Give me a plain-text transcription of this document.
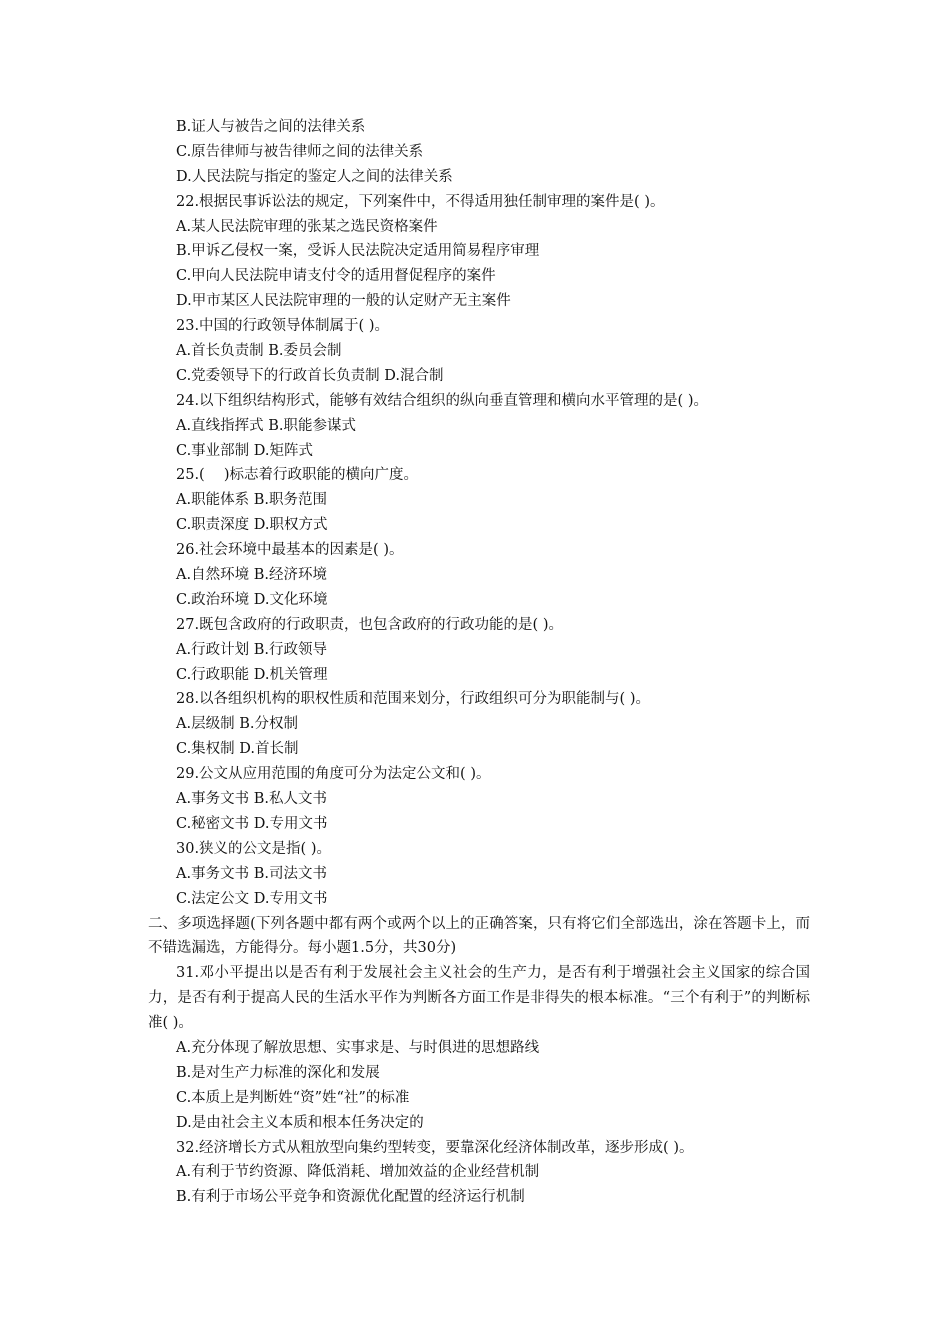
B.证人与被告之间的法律关系
C.原告律师与被告律师之间的法律关系
D.人民法院与指定的鉴定人之间的法律关系
22.根据民事诉讼法的规定，下列案件中，不得适用独任制审理的案件是( )。
A.某人民法院审理的张某之选民资格案件
B.甲诉乙侵权一案，受诉人民法院决定适用简易程序审理
C.甲向人民法院申请支付令的适用督促程序的案件
D.甲市某区人民法院审理的一般的认定财产无主案件
23.中国的行政领导体制属于( )。
A.首长负责制 B.委员会制
C.党委领导下的行政首长负责制 D.混合制
24.以下组织结构形式，能够有效结合组织的纵向垂直管理和横向水平管理的是( )。
A.直线指挥式 B.职能参谋式
C.事业部制 D.矩阵式
25.(　 )标志着行政职能的横向广度。
A.职能体系 B.职务范围
C.职责深度 D.职权方式
26.社会环境中最基本的因素是( )。
A.自然环境 B.经济环境
C.政治环境 D.文化环境
27.既包含政府的行政职责，也包含政府的行政功能的是( )。
A.行政计划 B.行政领导
C.行政职能 D.机关管理
28.以各组织机构的职权性质和范围来划分，行政组织可分为职能制与( )。
A.层级制 B.分权制
C.集权制 D.首长制
29.公文从应用范围的角度可分为法定公文和( )。
A.事务文书 B.私人文书
C.秘密文书 D.专用文书
30.狭义的公文是指( )。
A.事务文书 B.司法文书
C.法定公文 D.专用文书
二、多项选择题(下列各题中都有两个或两个以上的正确答案，只有将它们全部选出，涂在答题卡上，而不错选漏选，方能得分。每小题1.5分，共30分)
31.邓小平提出以是否有利于发展社会主义社会的生产力，是否有利于增强社会主义国家的综合国力，是否有利于提高人民的生活水平作为判断各方面工作是非得失的根本标准。“三个有利于”的判断标准( )。
A.充分体现了解放思想、实事求是、与时俱进的思想路线
B.是对生产力标准的深化和发展
C.本质上是判断姓“资”姓“社”的标准
D.是由社会主义本质和根本任务决定的
32.经济增长方式从粗放型向集约型转变，要靠深化经济体制改革，逐步形成( )。
A.有利于节约资源、降低消耗、增加效益的企业经营机制
B.有利于市场公平竞争和资源优化配置的经济运行机制
